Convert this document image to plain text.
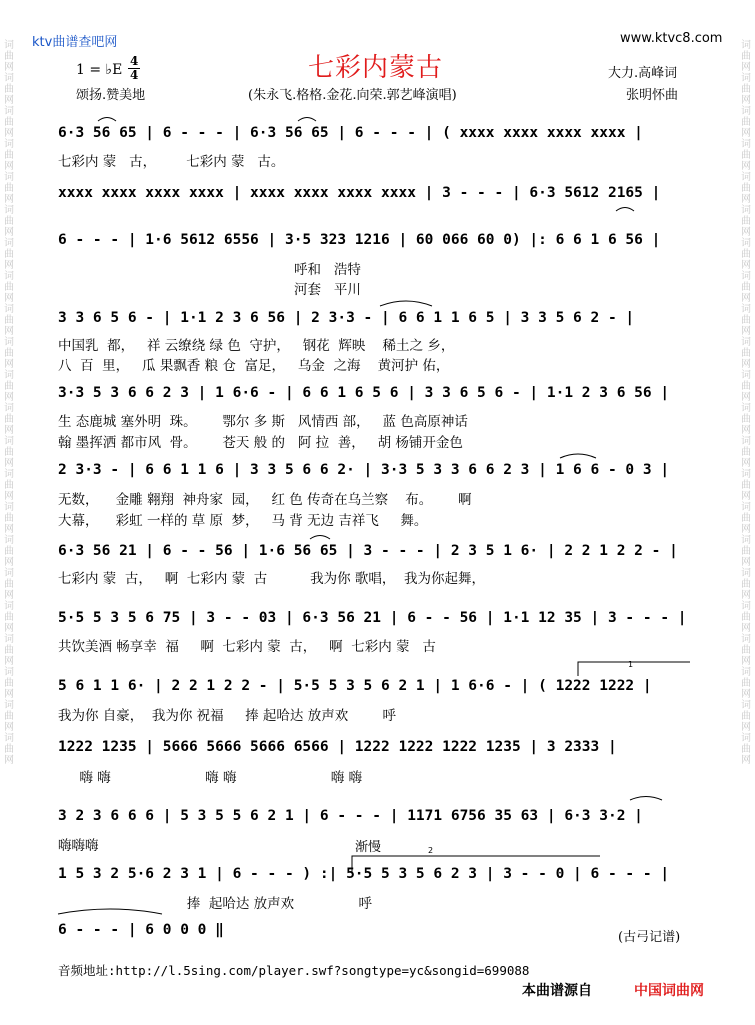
词曲网词曲网词曲网词曲网词曲网词曲网词曲网词曲网词曲网词曲网词曲网词曲网词曲网词曲网词曲网词曲网词曲网词曲网词曲网词曲网词曲网词曲网
词曲网词曲网词曲网词曲网词曲网词曲网词曲网词曲网词曲网词曲网词曲网词曲网词曲网词曲网词曲网词曲网词曲网词曲网词曲网词曲网词曲网词曲网
ktv曲谱查吧网	www.ktvc8.com
七彩内蒙古
1 = ♭E
4
4
颂扬.赞美地	(朱永飞.格格.金花.向荣.郭艺峰演唱)
大力.高峰词
张明怀曲
6·3 56 65 | 6 - - - | 6·3 56 65 | 6 - - - | ( xxxx xxxx xxxx xxxx |
七彩内 蒙   古，       七彩内 蒙   古。
xxxx xxxx xxxx xxxx | xxxx xxxx xxxx xxxx | 3 - - - | 6·3 5612 2165 |
6 - - - | 1·6 5612 6556 | 3·5 323 1216 | 60 066 60 0) |: 6 6 1 6 56 |
呼和   浩特
河套   平川
3 3 6 5 6 - | 1·1 2 3 6 56 | 2 3·3 - | 6 6 1 1 6 5 | 3 3 5 6 2 - |
中国乳  都，   祥 云缭绕 绿 色  守护，   钢花  辉映    稀土之 乡，
八  百  里，   瓜 果飘香 粮 仓  富足，   乌金  之海    黄河护 佑，
3·3 5 3 6 6 2 3 | 1 6·6 - | 6 6 1 6 5 6 | 3 3 6 5 6 - | 1·1 2 3 6 56 |
生 态鹿城 塞外明  珠。      鄂尔 多 斯   风情西 部，   蓝 色高原神话
翰 墨挥洒 都市风  骨。      苍天 般 的   阿 拉  善，   胡 杨铺开金色
2 3·3 - | 6 6 1 1 6 | 3 3 5 6 6 2· | 3·3 5 3 3 6 6 2 3 | 1 6 6 - 0 3 |
无数，    金雕 翱翔  神舟家  园，   红 色 传奇在乌兰察    布。      啊
大幕，    彩虹 一样的 草 原  梦，   马 背 无边 吉祥飞     舞。
6·3 56 21 | 6 - - 56 | 1·6 56 65 | 3 - - - | 2 3 5 1 6· | 2 2 1 2 2 - |
七彩内 蒙  古，   啊  七彩内 蒙  古          我为你 歌唱，  我为你起舞，
5·5 5 3 5 6 75 | 3 - - 03 | 6·3 56 21 | 6 - - 56 | 1·1 12 35 | 3 - - - |
共饮美酒 畅享幸  福     啊  七彩内 蒙  古，   啊  七彩内 蒙   古
5 6 1 1 6· | 2 2 1 2 2 - | 5·5 5 3 5 6 2 1 | 1 6·6 - | ( 1222 1222 |
我为你 自豪，  我为你 祝福     捧 起哈达 放声欢        呼
1222 1235 | 5666 5666 5666 6566 | 1222 1222 1222 1235 | 3 2333 |
嗨 嗨                      嗨 嗨                      嗨 嗨
3 2 3 6 6 6 | 5 3 5 5 6 2 1 | 6 - - - | 1171 6756 35 63 | 6·3 3·2 |
嗨嗨嗨
1 5 3 2 5·6 2 3 1 | 6 - - - ) :| 5·5 5 3 5 6 2 3 | 3 - - 0 | 6 - - - |
捧  起哈达 放声欢               呼
6 - - - | 6 0 0 0 ‖
渐慢
1
2
(古弓记谱)
音频地址:http://l.5sing.com/player.swf?songtype=yc&songid=699088
本曲谱源自	中国词曲网
